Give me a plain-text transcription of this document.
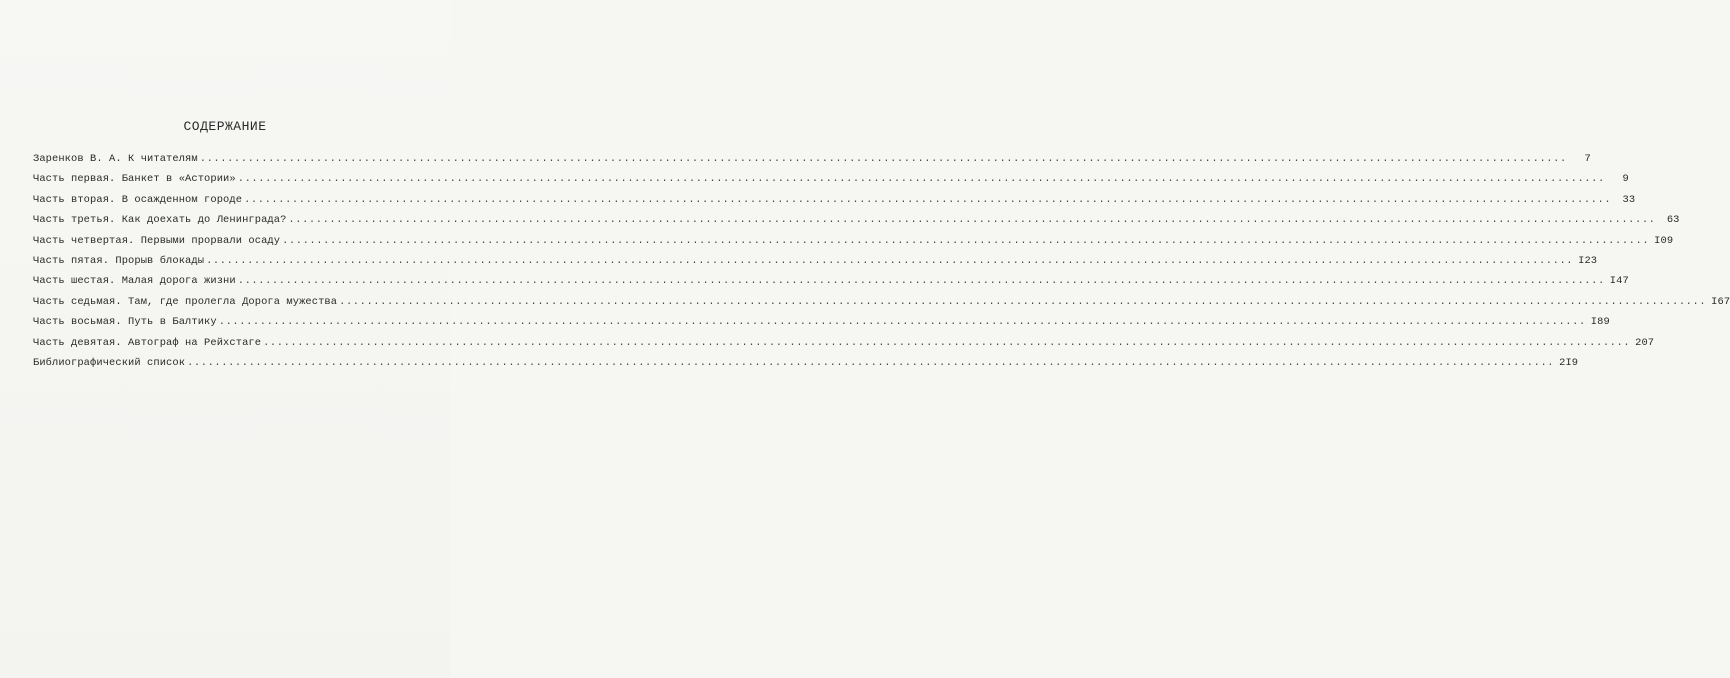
СОДЕРЖАНИЕ
Заренков В. А. К читателям ........................................................................................................................................................................................................	7
Часть первая. Банкет в «Астории» ........................................................................................................................................................................................................	9
Часть вторая. В осажденном городе ........................................................................................................................................................................................................	33
Часть третья. Как доехать до Ленинграда? ........................................................................................................................................................................................................	63
Часть четвертая. Первыми прорвали осаду ........................................................................................................................................................................................................ I09
Часть пятая. Прорыв блокады ........................................................................................................................................................................................................ I23
Часть шестая. Малая дорога жизни ........................................................................................................................................................................................................ I47
Часть седьмая. Там, где пролегла Дорога мужества ........................................................................................................................................................................................................ I67
Часть восьмая. Путь в Балтику ........................................................................................................................................................................................................ I89
Часть девятая. Автограф на Рейхстаге ........................................................................................................................................................................................................ 207
Библиографический список ........................................................................................................................................................................................................ 2I9
